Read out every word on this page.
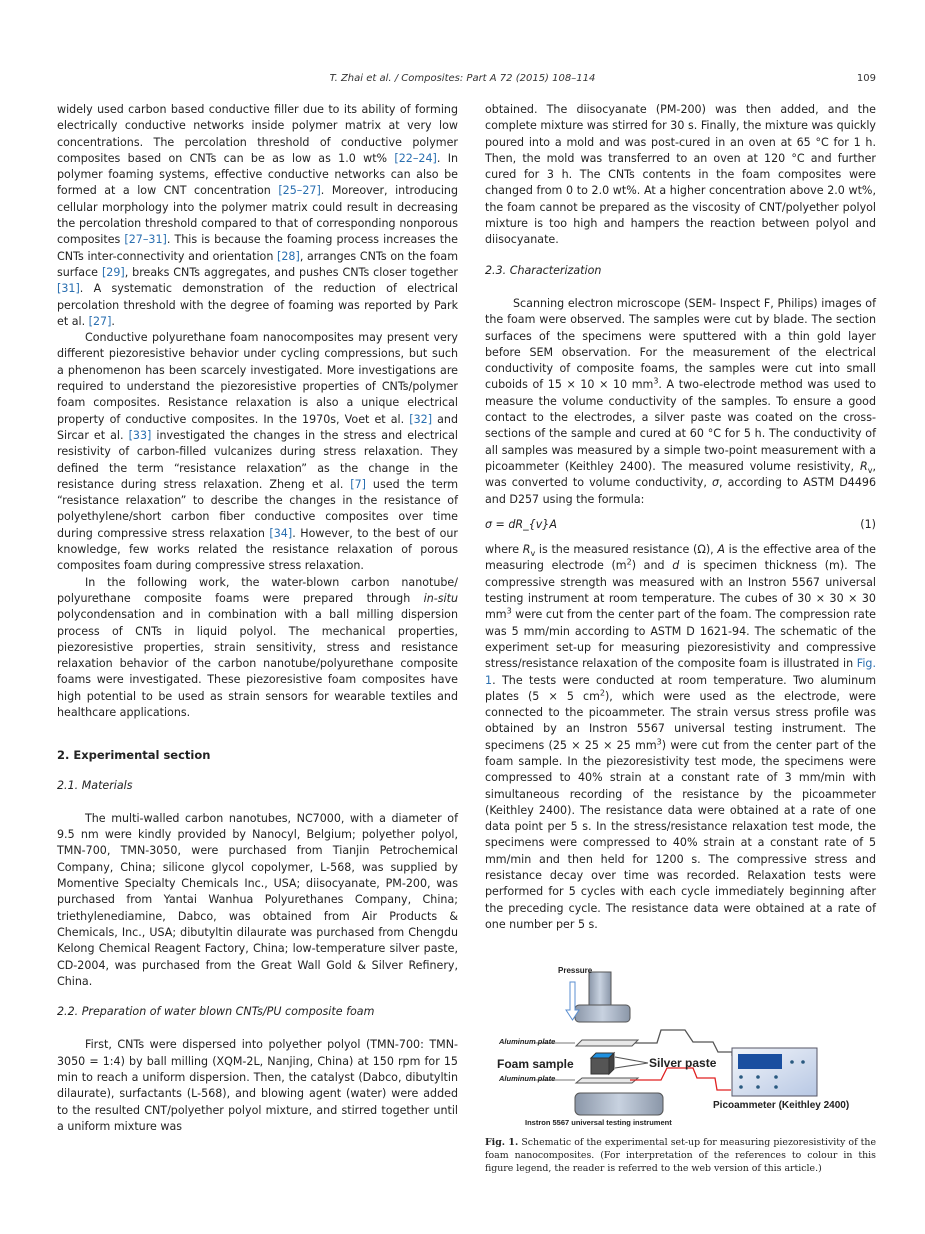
T. Zhai et al. / Composites: Part A 72 (2015) 108–114	109

widely used carbon based conductive filler due to its ability of forming electrically conductive networks inside polymer matrix at very low concentrations. The percolation threshold of conductive polymer composites based on CNTs can be as low as 1.0 wt% [22–24]. In polymer foaming systems, effective conductive networks can also be formed at a low CNT concentration [25–27]. Moreover, introducing cellular morphology into the polymer matrix could result in decreasing the percolation threshold compared to that of corresponding nonporous composites [27–31]. This is because the foaming process increases the CNTs inter-connectivity and orientation [28], arranges CNTs on the foam surface [29], breaks CNTs aggregates, and pushes CNTs closer together [31]. A systematic demonstration of the reduction of electrical percolation threshold with the degree of foaming was reported by Park et al. [27].

Conductive polyurethane foam nanocomposites may present very different piezoresistive behavior under cycling compressions, but such a phenomenon has been scarcely investigated. More investigations are required to understand the piezoresistive properties of CNTs/polymer foam composites. Resistance relaxation is also a unique electrical property of conductive composites. In the 1970s, Voet et al. [32] and Sircar et al. [33] investigated the changes in the stress and electrical resistivity of carbon-filled vulcanizes during stress relaxation. They defined the term “resistance relaxation” as the change in the resistance during stress relaxation. Zheng et al. [7] used the term “resistance relaxation” to describe the changes in the resistance of polyethylene/short carbon fiber conductive composites over time during compressive stress relaxation [34]. However, to the best of our knowledge, few works related the resistance relaxation of porous composites foam during compressive stress relaxation.

In the following work, the water-blown carbon nanotube/ polyurethane composite foams were prepared through in-situ polycondensation and in combination with a ball milling dispersion process of CNTs in liquid polyol. The mechanical properties, piezoresistive properties, strain sensitivity, stress and resistance relaxation behavior of the carbon nanotube/polyurethane composite foams were investigated. These piezoresistive foam composites have high potential to be used as strain sensors for wearable textiles and healthcare applications.

2. Experimental section
2.1. Materials

The multi-walled carbon nanotubes, NC7000, with a diameter of 9.5 nm were kindly provided by Nanocyl, Belgium; polyether polyol, TMN-700, TMN-3050, were purchased from Tianjin Petrochemical Company, China; silicone glycol copolymer, L-568, was supplied by Momentive Specialty Chemicals Inc., USA; diisocyanate, PM-200, was purchased from Yantai Wanhua Polyurethanes Company, China; triethylenediamine, Dabco, was obtained from Air Products & Chemicals, Inc., USA; dibutyltin dilaurate was purchased from Chengdu Kelong Chemical Reagent Factory, China; low-temperature silver paste, CD-2004, was purchased from the Great Wall Gold & Silver Refinery, China.

2.2. Preparation of water blown CNTs/PU composite foam

First, CNTs were dispersed into polyether polyol (TMN-700: TMN-3050 = 1:4) by ball milling (XQM-2L, Nanjing, China) at 150 rpm for 15 min to reach a uniform dispersion. Then, the catalyst (Dabco, dibutyltin dilaurate), surfactants (L-568), and blowing agent (water) were added to the resulted CNT/polyether polyol mixture, and stirred together until a uniform mixture was

obtained. The diisocyanate (PM-200) was then added, and the complete mixture was stirred for 30 s. Finally, the mixture was quickly poured into a mold and was post-cured in an oven at 65 °C for 1 h. Then, the mold was transferred to an oven at 120 °C and further cured for 3 h. The CNTs contents in the foam composites were changed from 0 to 2.0 wt%. At a higher concentration above 2.0 wt%, the foam cannot be prepared as the viscosity of CNT/polyether polyol mixture is too high and hampers the reaction between polyol and diisocyanate.

2.3. Characterization

Scanning electron microscope (SEM- Inspect F, Philips) images of the foam were observed. The samples were cut by blade. The section surfaces of the specimens were sputtered with a thin gold layer before SEM observation. For the measurement of the electrical conductivity of composite foams, the samples were cut into small cuboids of 15 × 10 × 10 $mm^3$. A two-electrode method was used to measure the volume conductivity of the samples. To ensure a good contact to the electrodes, a silver paste was coated on the cross-sections of the sample and cured at 60 °C for 5 h. The conductivity of all samples was measured by a simple two-point measurement with a picoammeter (Keithley 2400). The measured volume resistivity, $R_v$, was converted to volume conductivity, σ, according to ASTM D4496 and D257 using the formula:

σ = dR_{v}A	(1)

where $R_v$ is the measured resistance (Ω), A is the effective area of the measuring electrode $(m^2)$ and d is specimen thickness (m). The compressive strength was measured with an Instron 5567 universal testing instrument at room temperature. The cubes of 30 × 30 × 30 $mm^3$ were cut from the center part of the foam. The compression rate was 5 mm/min according to ASTM D 1621-94. The schematic of the experiment set-up for measuring piezoresistivity and compressive stress/resistance relaxation of the composite foam is illustrated in Fig. 1. The tests were conducted at room temperature. Two aluminum plates (5 × 5 $cm^2$), which were used as the electrode, were connected to the picoammeter. The strain versus stress profile was obtained by an Instron 5567 universal testing instrument. The specimens (25 × 25 × 25 $mm^3$) were cut from the center part of the foam sample. In the piezoresistivity test mode, the specimens were compressed to 40% strain at a constant rate of 3 mm/min with simultaneous recording of the resistance by the picoammeter (Keithley 2400). The resistance data were obtained at a rate of one data point per 5 s. In the stress/resistance relaxation test mode, the specimens were compressed to 40% strain at a constant rate of 5 mm/min and then held for 1200 s. The compressive stress and resistance decay over time was recorded. Relaxation tests were performed for 5 cycles with each cycle immediately beginning after the preceding cycle. The resistance data were obtained at a rate of one number per 5 s.

Pressure
Aluminum plate
Foam sample	Silver paste
Aluminum plate
Picoammeter (Keithley 2400)
Instron 5567 universal testing instrument
Fig. 1. Schematic of the experimental set-up for measuring piezoresistivity of the foam nanocomposites. (For interpretation of the references to colour in this figure legend, the reader is referred to the web version of this article.)
